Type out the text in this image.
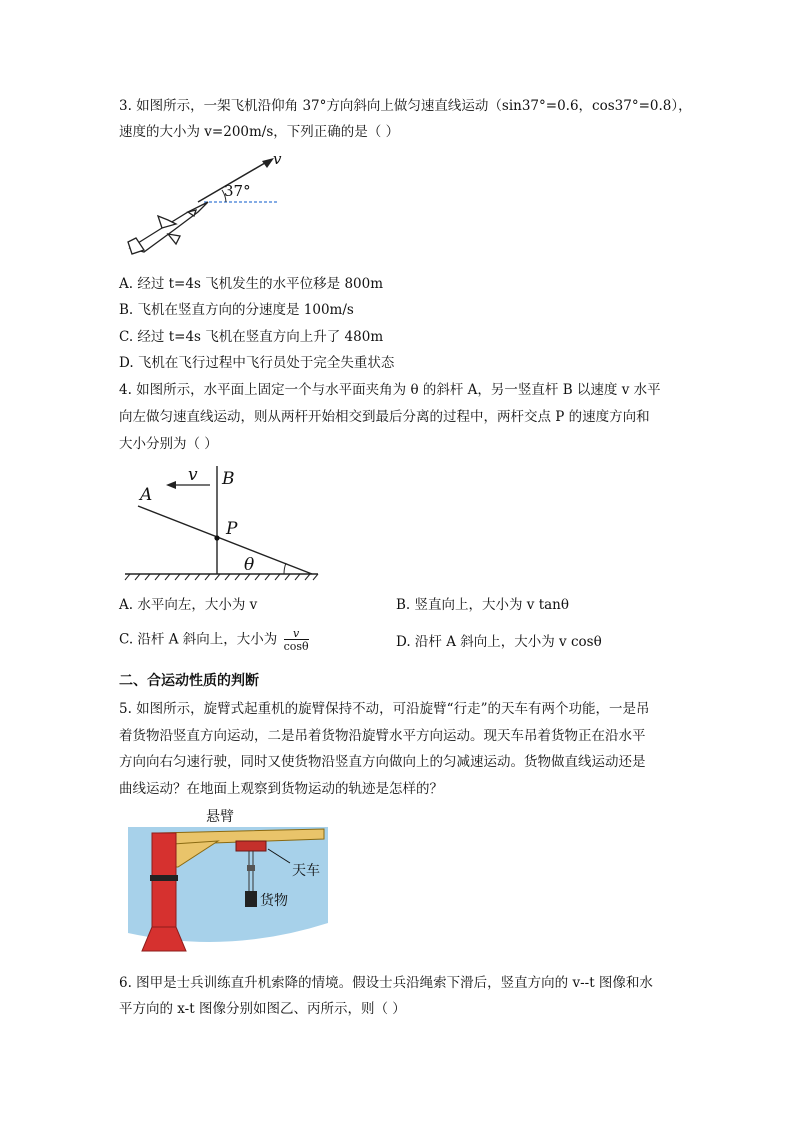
3. 如图所示，一架飞机沿仰角 37°方向斜向上做匀速直线运动（sin37°=0.6，cos37°=0.8），
速度的大小为 v=200m/s，下列正确的是（ ）
37°
v
A. 经过 t=4s 飞机发生的水平位移是 800m
B. 飞机在竖直方向的分速度是 100m/s
C. 经过 t=4s 飞机在竖直方向上升了 480m
D. 飞机在飞行过程中飞行员处于完全失重状态
4. 如图所示，水平面上固定一个与水平面夹角为 θ 的斜杆 A，另一竖直杆 B 以速度 v 水平
向左做匀速直线运动，则从两杆开始相交到最后分离的过程中，两杆交点 P 的速度方向和
大小分别为（ ）
v B
A
P
θ
A. 水平向左，大小为 v	B. 竖直向上，大小为 v tanθ
C. 沿杆 A 斜向上，大小为 $\frac{v}{\cos\theta}$	D. 沿杆 A 斜向上，大小为 v cosθ
二、合运动性质的判断
5. 如图所示，旋臂式起重机的旋臂保持不动，可沿旋臂“行走”的天车有两个功能，一是吊
着货物沿竖直方向运动，二是吊着货物沿旋臂水平方向运动。现天车吊着货物正在沿水平
方向向右匀速行驶，同时又使货物沿竖直方向做向上的匀减速运动。货物做直线运动还是
曲线运动？在地面上观察到货物运动的轨迹是怎样的？
悬臂
天车
货物
6. 图甲是士兵训练直升机索降的情境。假设士兵沿绳索下滑后，竖直方向的 v--t 图像和水
平方向的 x-t 图像分别如图乙、丙所示，则（ ）
